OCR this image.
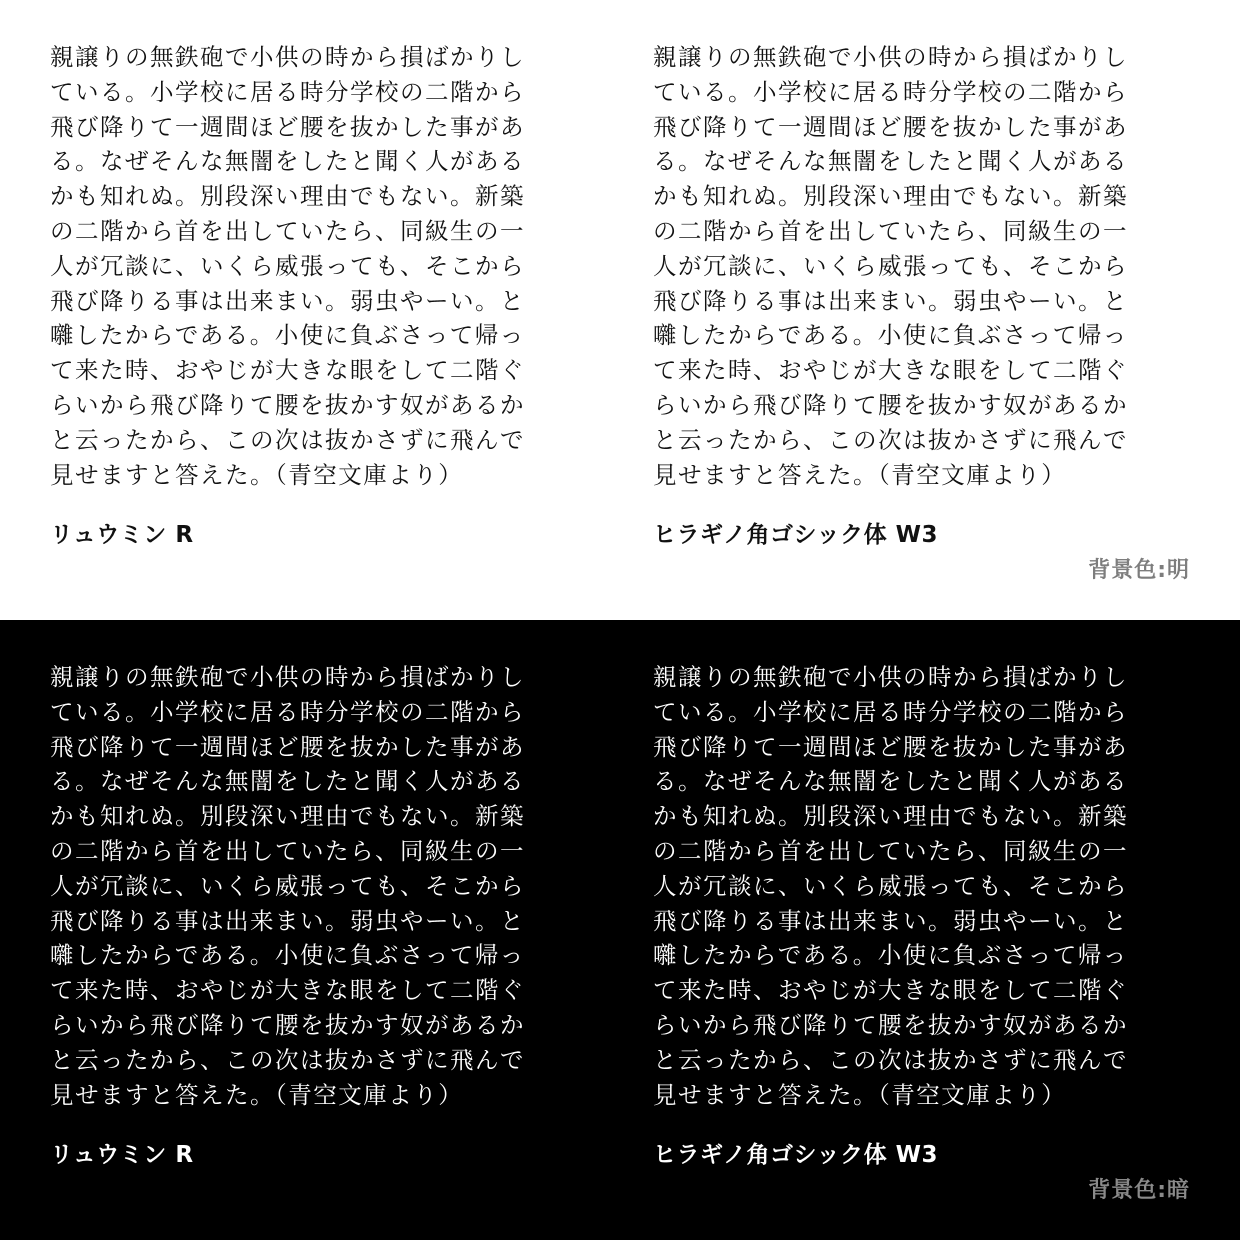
親譲りの無鉄砲で小供の時から損ばかりし
ている。小学校に居る時分学校の二階から
飛び降りて一週間ほど腰を抜かした事があ
る。なぜそんな無闇をしたと聞く人がある
かも知れぬ。別段深い理由でもない。新築
の二階から首を出していたら、同級生の一
人が冗談に、いくら威張っても、そこから
飛び降りる事は出来まい。弱虫やーい。と
囃したからである。小使に負ぶさって帰っ
て来た時、おやじが大きな眼をして二階ぐ
らいから飛び降りて腰を抜かす奴があるか
と云ったから、この次は抜かさずに飛んで
見せますと答えた。（青空文庫より）

リュウミン R

親譲りの無鉄砲で小供の時から損ばかりし
ている。小学校に居る時分学校の二階から
飛び降りて一週間ほど腰を抜かした事があ
る。なぜそんな無闇をしたと聞く人がある
かも知れぬ。別段深い理由でもない。新築
の二階から首を出していたら、同級生の一
人が冗談に、いくら威張っても、そこから
飛び降りる事は出来まい。弱虫やーい。と
囃したからである。小使に負ぶさって帰っ
て来た時、おやじが大きな眼をして二階ぐ
らいから飛び降りて腰を抜かす奴があるか
と云ったから、この次は抜かさずに飛んで
見せますと答えた。（青空文庫より）

ヒラギノ角ゴシック体 W3
背景色:明

親譲りの無鉄砲で小供の時から損ばかりし
ている。小学校に居る時分学校の二階から
飛び降りて一週間ほど腰を抜かした事があ
る。なぜそんな無闇をしたと聞く人がある
かも知れぬ。別段深い理由でもない。新築
の二階から首を出していたら、同級生の一
人が冗談に、いくら威張っても、そこから
飛び降りる事は出来まい。弱虫やーい。と
囃したからである。小使に負ぶさって帰っ
て来た時、おやじが大きな眼をして二階ぐ
らいから飛び降りて腰を抜かす奴があるか
と云ったから、この次は抜かさずに飛んで
見せますと答えた。（青空文庫より）

リュウミン R

親譲りの無鉄砲で小供の時から損ばかりし
ている。小学校に居る時分学校の二階から
飛び降りて一週間ほど腰を抜かした事があ
る。なぜそんな無闇をしたと聞く人がある
かも知れぬ。別段深い理由でもない。新築
の二階から首を出していたら、同級生の一
人が冗談に、いくら威張っても、そこから
飛び降りる事は出来まい。弱虫やーい。と
囃したからである。小使に負ぶさって帰っ
て来た時、おやじが大きな眼をして二階ぐ
らいから飛び降りて腰を抜かす奴があるか
と云ったから、この次は抜かさずに飛んで
見せますと答えた。（青空文庫より）

ヒラギノ角ゴシック体 W3
背景色:暗
